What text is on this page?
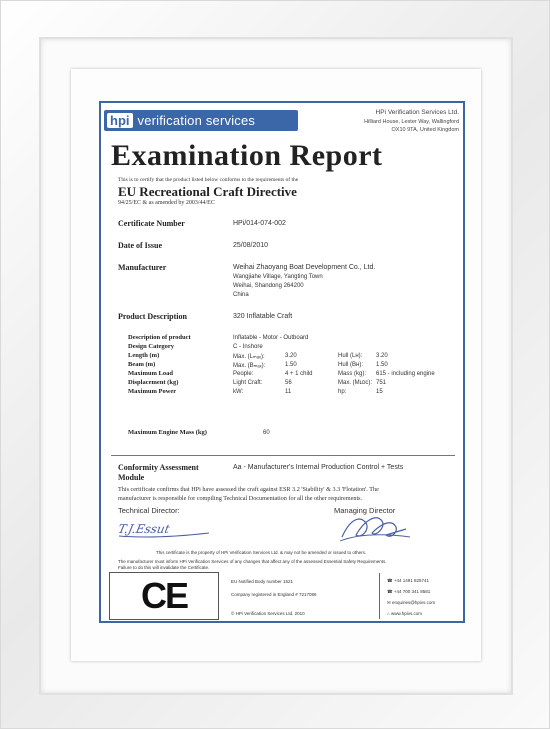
hpi verification services
HPi Verification Services Ltd.
Hilliard House, Lester Way, Wallingford
OX10 9TA, United Kingdom
Examination Report
This is to certify that the product listed below conforms to the requirements of the
EU Recreational Craft Directive
94/25/EC & as amended by 2003/44/EC
Certificate Number	HPi/014-074-002
Date of Issue	25/08/2010
Manufacturer	Weihai Zhaoyang Boat Development Co., Ltd.
Wangjiahe Village, Yangting Town
Weihai, Shandong 264200
China
Product Description	320 Inflatable Craft
Description of product	Inflatable - Motor - Outboard
Design Category	C - Inshore
Length (m)	Max. (Lₘₐₓ):	3.20	Hull (Lʜ): 3.20
Beam (m)	Max. (Bₘₐₓ):	1.50	Hull (Bʜ): 1.50
Maximum Load	People:	4 + 1 child	Mass (kg): 615 - including engine
Displacement (kg)	Light Craft:	56	Max. (Mʟᴅᴄ): 751
Maximum Power	kW:	11	hp:	15
Maximum Engine Mass (kg)	60
Conformity Assessment
Module
Aa - Manufacturer's Internal Production Control + Tests
This certificate confirms that HPi have assessed the craft against ESR 3.2 'Stability' & 3.3 'Flotation'. The
manufacturer is responsible for compiling Technical Documentation for all the other requirements.
Technical Director:	Managing Director
T.J.Essut
This certificate is the property of HPi Verification Services Ltd. & may not be amended or issued to others.
The manufacturer must inform HPi Verification Services of any changes that affect any of the assessed Essential Safety Requirements.
Failure to do this will invalidate the Certificate.
CE	EU Notified Body number 1521
Company registered in England # 7217086
© HPi Verification Services Ltd. 2010
☎ +44 1491 825741
☎ +44 700 341 8581
✉ enquiries@hpivs.com
⌂ www.hpivs.com
